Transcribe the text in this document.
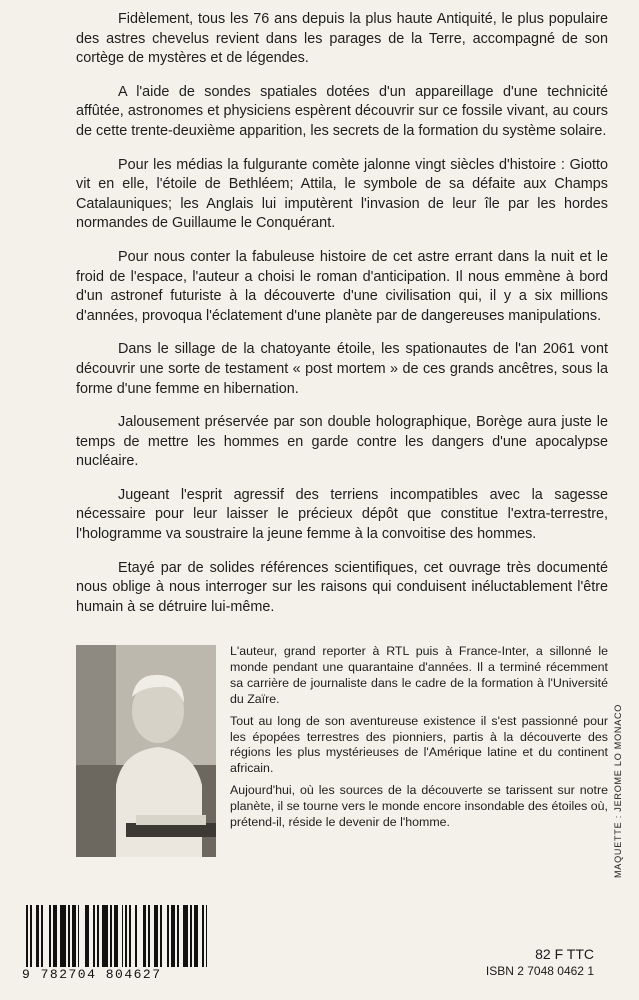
Fidèlement, tous les 76 ans depuis la plus haute Antiquité, le plus populaire des astres chevelus revient dans les parages de la Terre, accompagné de son cortège de mystères et de légendes.

A l'aide de sondes spatiales dotées d'un appareillage d'une technicité affûtée, astronomes et physiciens espèrent découvrir sur ce fossile vivant, au cours de cette trente-deuxième apparition, les secrets de la formation du système solaire.

Pour les médias la fulgurante comète jalonne vingt siècles d'histoire : Giotto vit en elle, l'étoile de Bethléem; Attila, le symbole de sa défaite aux Champs Catalauniques; les Anglais lui imputèrent l'invasion de leur île par les hordes normandes de Guillaume le Conquérant.

Pour nous conter la fabuleuse histoire de cet astre errant dans la nuit et le froid de l'espace, l'auteur a choisi le roman d'anticipation. Il nous emmène à bord d'un astronef futuriste à la découverte d'une civilisation qui, il y a six millions d'années, provoqua l'éclatement d'une planète par de dangereuses manipulations.

Dans le sillage de la chatoyante étoile, les spationautes de l'an 2061 vont découvrir une sorte de testament « post mortem » de ces grands ancêtres, sous la forme d'une femme en hibernation.

Jalousement préservée par son double holographique, Borège aura juste le temps de mettre les hommes en garde contre les dangers d'une apocalypse nucléaire.

Jugeant l'esprit agressif des terriens incompatibles avec la sagesse nécessaire pour leur laisser le précieux dépôt que constitue l'extra-terrestre, l'hologramme va soustraire la jeune femme à la convoitise des hommes.

Etayé par de solides références scientifiques, cet ouvrage très documenté nous oblige à nous interroger sur les raisons qui conduisent inéluctablement l'être humain à se détruire lui-même.

L'auteur, grand reporter à RTL puis à France-Inter, a sillonné le monde pendant une quarantaine d'années. Il a terminé récemment sa carrière de journaliste dans le cadre de la formation à l'Université du Zaïre.

Tout au long de son aventureuse existence il s'est passionné pour les épopées terrestres des pionniers, partis à la découverte des régions les plus mystérieuses de l'Amérique latine et du continent africain.

Aujourd'hui, où les sources de la découverte se tarissent sur notre planète, il se tourne vers le monde encore insondable des étoiles où, prétend-il, réside le devenir de l'homme.

9 782704 804627
82 F TTC
ISBN 2 7048 0462 1
MAQUETTE : JEROME LO MONACO
